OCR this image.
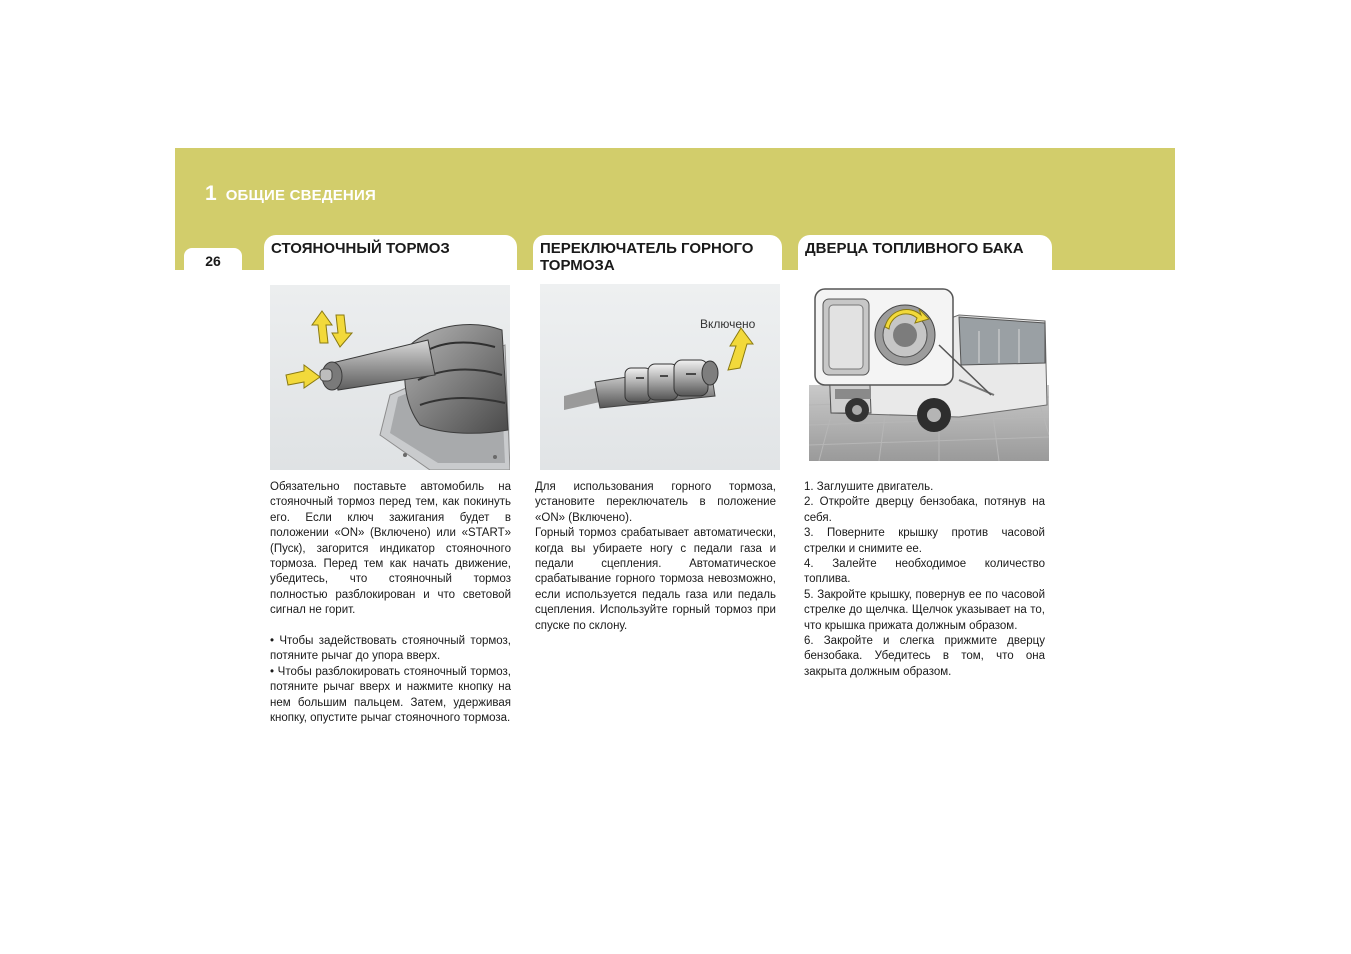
1 ОБЩИЕ СВЕДЕНИЯ
26
СТОЯНОЧНЫЙ ТОРМОЗ

Обязательно поставьте автомобиль на стояночный тормоз перед тем, как покинуть его. Если ключ зажигания будет в положении «ON» (Включено) или «START» (Пуск), загорится индикатор стояночного тормоза. Перед тем как начать движение, убедитесь, что стояночный тормоз полностью разблокирован и что световой сигнал не горит.

• Чтобы задействовать стояночный тормоз, потяните рычаг до упора вверх.

• Чтобы разблокировать стояночный тормоз, потяните рычаг вверх и нажмите кнопку на нем большим пальцем. Затем, удерживая кнопку, опустите рычаг стояночного тормоза.

ПЕРЕКЛЮЧАТЕЛЬ ГОРНОГО
ТОРМОЗА
Включено

Для использования горного тормоза, установите переключатель в положение «ON» (Включено).

Горный тормоз срабатывает автоматически, когда вы убираете ногу с педали газа и педали сцепления. Автоматическое срабатывание горного тормоза невозможно, если используется педаль газа или педаль сцепления. Используйте горный тормоз при спуске по склону.

ДВЕРЦА ТОПЛИВНОГО БАКА

1. Заглушите двигатель.

2. Откройте дверцу бензобака, потянув на себя.

3. Поверните крышку против часовой стрелки и снимите ее.

4. Залейте необходимое количество топлива.

5. Закройте крышку, повернув ее по часовой стрелке до щелчка. Щелчок указывает на то, что крышка прижата должным образом.

6. Закройте и слегка прижмите дверцу бензобака. Убедитесь в том, что она закрыта должным образом.
